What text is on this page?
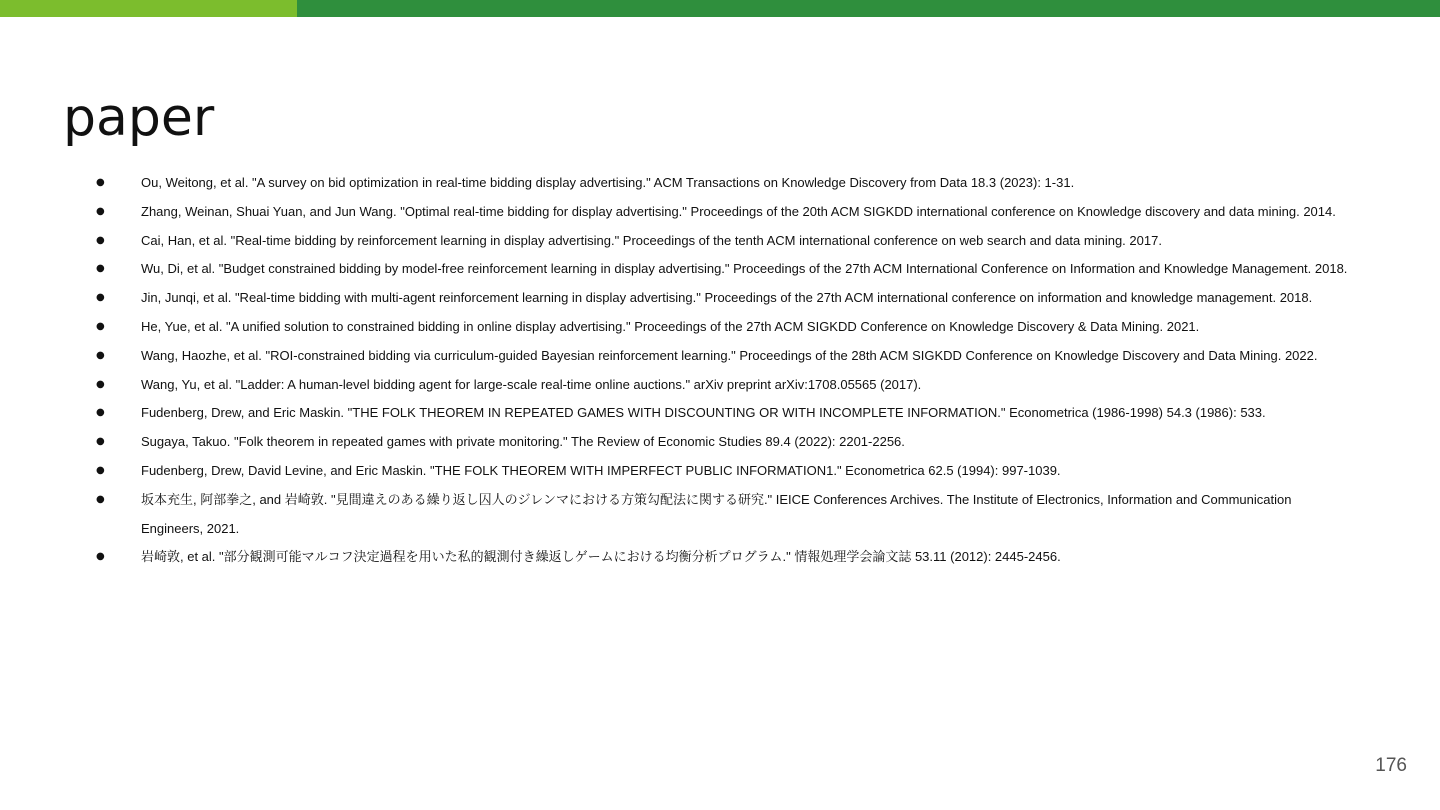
paper
●	Ou, Weitong, et al. "A survey on bid optimization in real-time bidding display advertising." ACM Transactions on Knowledge Discovery from Data 18.3 (2023): 1-31.
●	Zhang, Weinan, Shuai Yuan, and Jun Wang. "Optimal real-time bidding for display advertising." Proceedings of the 20th ACM SIGKDD international conference on Knowledge discovery and data mining. 2014.
●	Cai, Han, et al. "Real-time bidding by reinforcement learning in display advertising." Proceedings of the tenth ACM international conference on web search and data mining. 2017.
●	Wu, Di, et al. "Budget constrained bidding by model-free reinforcement learning in display advertising." Proceedings of the 27th ACM International Conference on Information and Knowledge Management. 2018.
●	Jin, Junqi, et al. "Real-time bidding with multi-agent reinforcement learning in display advertising." Proceedings of the 27th ACM international conference on information and knowledge management. 2018.
●	He, Yue, et al. "A unified solution to constrained bidding in online display advertising." Proceedings of the 27th ACM SIGKDD Conference on Knowledge Discovery & Data Mining. 2021.
●	Wang, Haozhe, et al. "ROI-constrained bidding via curriculum-guided Bayesian reinforcement learning." Proceedings of the 28th ACM SIGKDD Conference on Knowledge Discovery and Data Mining. 2022.
●	Wang, Yu, et al. "Ladder: A human-level bidding agent for large-scale real-time online auctions." arXiv preprint arXiv:1708.05565 (2017).
●	Fudenberg, Drew, and Eric Maskin. "THE FOLK THEOREM IN REPEATED GAMES WITH DISCOUNTING OR WITH INCOMPLETE INFORMATION." Econometrica (1986-1998) 54.3 (1986): 533.
●	Sugaya, Takuo. "Folk theorem in repeated games with private monitoring." The Review of Economic Studies 89.4 (2022): 2201-2256.
●	Fudenberg, Drew, David Levine, and Eric Maskin. "THE FOLK THEOREM WITH IMPERFECT PUBLIC INFORMATION1." Econometrica 62.5 (1994): 997-1039.
●	坂本充生, 阿部拳之, and 岩崎敦. "見間違えのある繰り返し囚人のジレンマにおける方策勾配法に関する研究." IEICE Conferences Archives. The Institute of Electronics, Information and Communication Engineers, 2021.
●	岩崎敦, et al. "部分観測可能マルコフ決定過程を用いた私的観測付き繰返しゲームにおける均衡分析プログラム." 情報処理学会論文誌 53.11 (2012): 2445-2456.
176
